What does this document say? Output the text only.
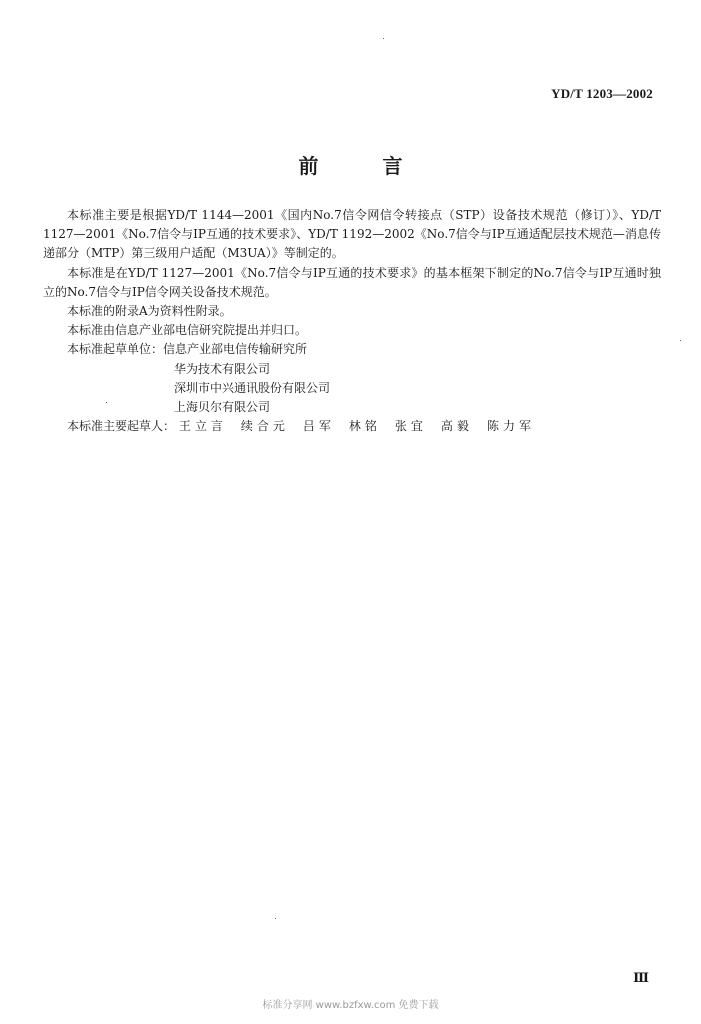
YD/T 1203—2002
前言

本标准主要是根据YD/T 1144—2001《国内No.7信令网信令转接点（STP）设备技术规范（修订）》、YD/T 1127—2001《No.7信令与IP互通的技术要求》、YD/T 1192—2002《No.7信令与IP互通适配层技术规范—消息传递部分（MTP）第三级用户适配（M3UA）》等制定的。

本标准是在YD/T 1127—2001《No.7信令与IP互通的技术要求》的基本框架下制定的No.7信令与IP互通时独立的No.7信令与IP信令网关设备技术规范。

本标准的附录A为资料性附录。

本标准由信息产业部电信研究院提出并归口。

本标准起草单位：信息产业部电信传输研究所

华为技术有限公司

深圳市中兴通讯股份有限公司

上海贝尔有限公司

本标准主要起草人： 王立言 续合元 吕军 林铭 张宜 高毅 陈力军

Ⅲ
标准分享网 www.bzfxw.com 免费下载
